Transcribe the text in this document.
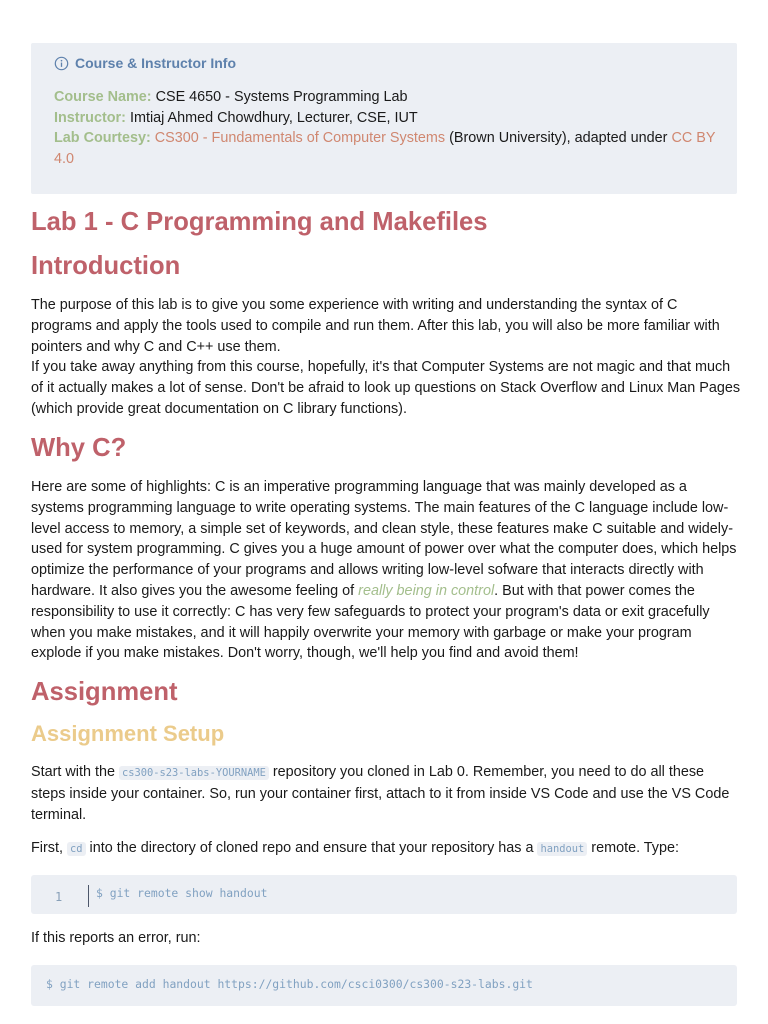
Course & Instructor Info
Course Name: CSE 4650 - Systems Programming Lab
Instructor: Imtiaj Ahmed Chowdhury, Lecturer, CSE, IUT
Lab Courtesy: CS300 - Fundamentals of Computer Systems (Brown University), adapted under CC BY 4.0
Lab 1 - C Programming and Makefiles
Introduction

The purpose of this lab is to give you some experience with writing and understanding the syntax of C programs and apply the tools used to compile and run them. After this lab, you will also be more familiar with pointers and why C and C++ use them.

If you take away anything from this course, hopefully, it's that Computer Systems are not magic and that much of it actually makes a lot of sense. Don't be afraid to look up questions on Stack Overflow and Linux Man Pages (which provide great documentation on C library functions).

Why C?

Here are some of highlights: C is an imperative programming language that was mainly developed as a systems programming language to write operating systems. The main features of the C language include low-level access to memory, a simple set of keywords, and clean style, these features make C suitable and widely-used for system programming. C gives you a huge amount of power over what the computer does, which helps optimize the performance of your programs and allows writing low-level sofware that interacts directly with hardware. It also gives you the awesome feeling of really being in control. But with that power comes the responsibility to use it correctly: C has very few safeguards to protect your program's data or exit gracefully when you make mistakes, and it will happily overwrite your memory with garbage or make your program explode if you make mistakes. Don't worry, though, we'll help you find and avoid them!

Assignment
Assignment Setup

Start with the cs300-s23-labs-YOURNAME repository you cloned in Lab 0. Remember, you need to do all these steps inside your container. So, run your container first, attach to it from inside VS Code and use the VS Code terminal.

First, cd into the directory of cloned repo and ensure that your repository has a handout remote. Type:

1	$ git remote show handout

If this reports an error, run:

$ git remote add handout https://github.com/csci0300/cs300-s23-labs.git
